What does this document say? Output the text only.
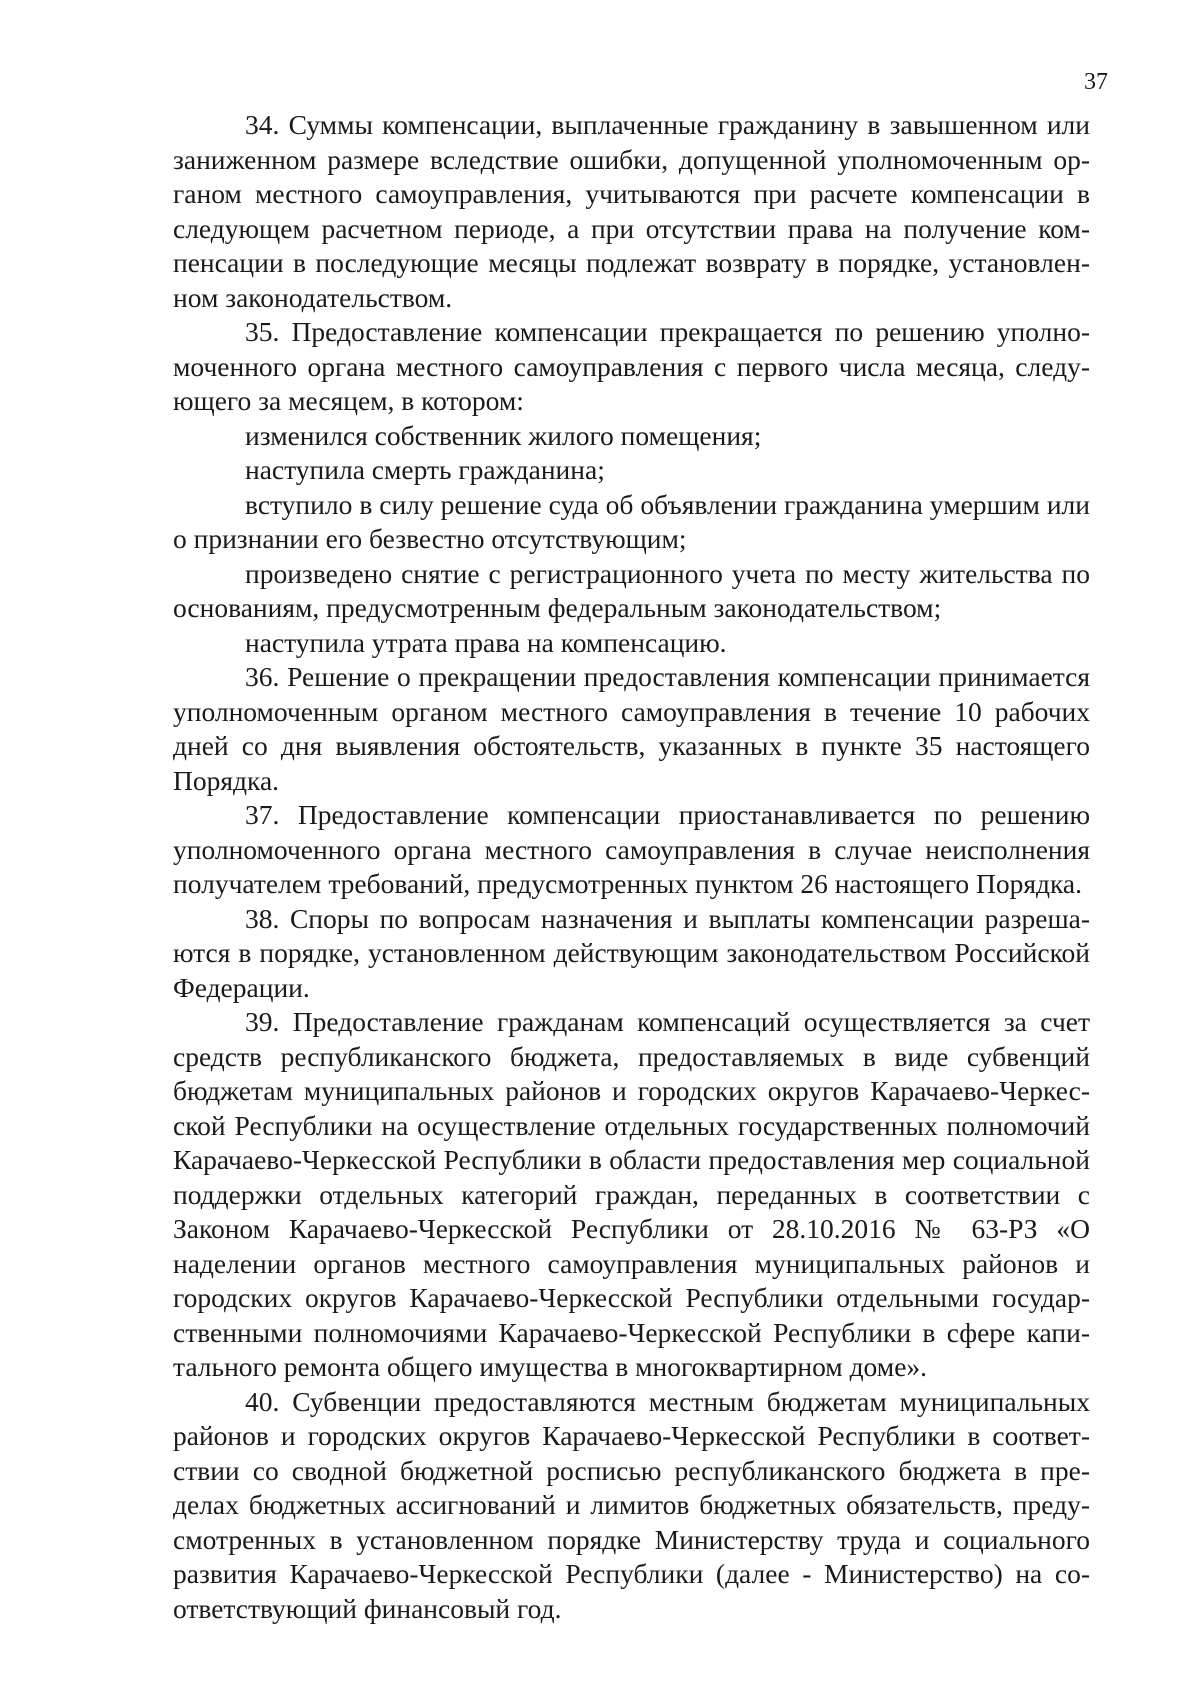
37

34. Суммы компенсации, выплаченные гражданину в завышенном или заниженном размере вследствие ошибки, допущенной уполномоченным органом местного самоуправления, учитываются при расчете компенсации в следующем расчетном периоде, а при отсутствии права на получение компенсации в последующие месяцы подлежат возврату в порядке, установленном законодательством.

35. Предоставление компенсации прекращается по решению уполномоченного органа местного самоуправления с первого числа месяца, следующего за месяцем, в котором:

изменился собственник жилого помещения;

наступила смерть гражданина;

вступило в силу решение суда об объявлении гражданина умершим или о признании его безвестно отсутствующим;

произведено снятие с регистрационного учета по месту жительства по основаниям, предусмотренным федеральным законодательством;

наступила утрата права на компенсацию.

36. Решение о прекращении предоставления компенсации принимается уполномоченным органом местного самоуправления в течение 10 рабочих дней со дня выявления обстоятельств, указанных в пункте 35 настоящего Порядка.

37. Предоставление компенсации приостанавливается по решению уполномоченного органа местного самоуправления в случае неисполнения получателем требований, предусмотренных пунктом 26 настоящего Порядка.

38. Споры по вопросам назначения и выплаты компенсации разрешаются в порядке, установленном действующим законодательством Российской Федерации.

39. Предоставление гражданам компенсаций осуществляется за счет средств республиканского бюджета, предоставляемых в виде субвенций бюджетам муниципальных районов и городских округов Карачаево-Черкесской Республики на осуществление отдельных государственных полномочий Карачаево-Черкесской Республики в области предоставления мер социальной поддержки отдельных категорий граждан, переданных в соответствии с Законом Карачаево-Черкесской Республики от 28.10.2016 № 63-РЗ «О наделении органов местного самоуправления муниципальных районов и городских округов Карачаево-Черкесской Республики отдельными государственными полномочиями Карачаево-Черкесской Республики в сфере капитального ремонта общего имущества в многоквартирном доме».

40. Субвенции предоставляются местным бюджетам муниципальных районов и городских округов Карачаево-Черкесской Республики в соответствии со сводной бюджетной росписью республиканского бюджета в пределах бюджетных ассигнований и лимитов бюджетных обязательств, предусмотренных в установленном порядке Министерству труда и социального развития Карачаево-Черкесской Республики (далее - Министерство) на соответствующий финансовый год.
